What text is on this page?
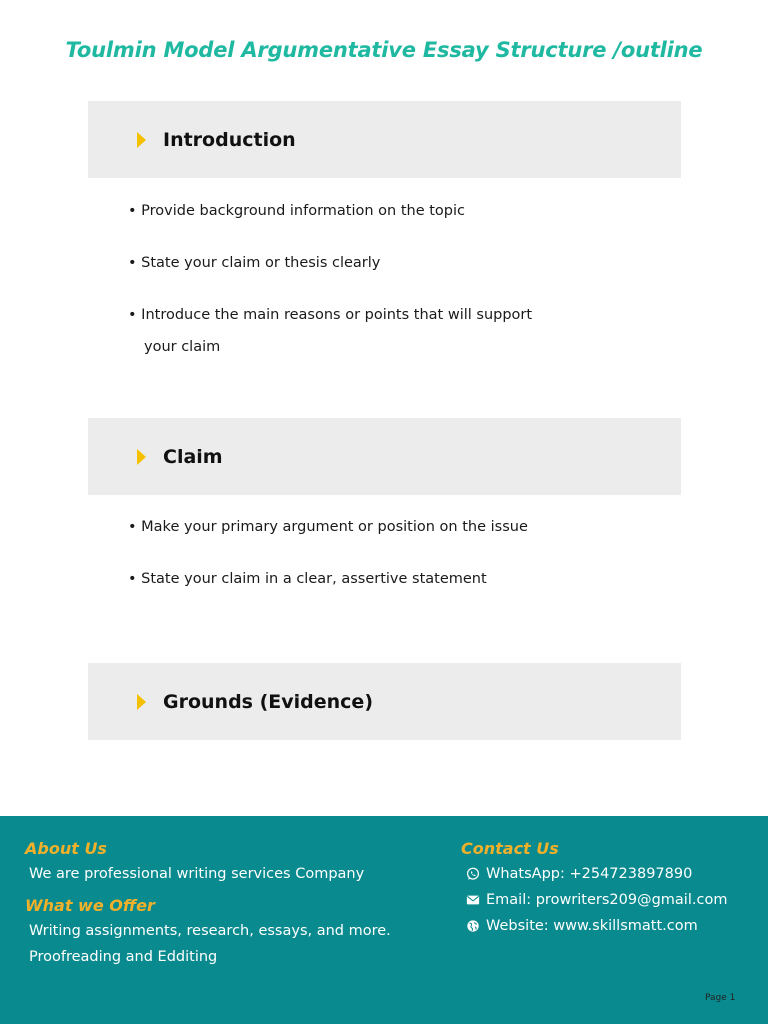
Toulmin Model Argumentative Essay Structure /outline
Introduction
• Provide background information on the topic
• State your claim or thesis clearly
• Introduce the main reasons or points that will support
your claim
Claim
• Make your primary argument or position on the issue
• State your claim in a clear, assertive statement
Grounds (Evidence)
About Us
We are professional writing services Company
What we Offer
Writing assignments, research, essays, and more.
Proofreading and Edditing
Contact Us
WhatsApp: +254723897890
Email: prowriters209@gmail.com
Website: www.skillsmatt.com
Page 1
